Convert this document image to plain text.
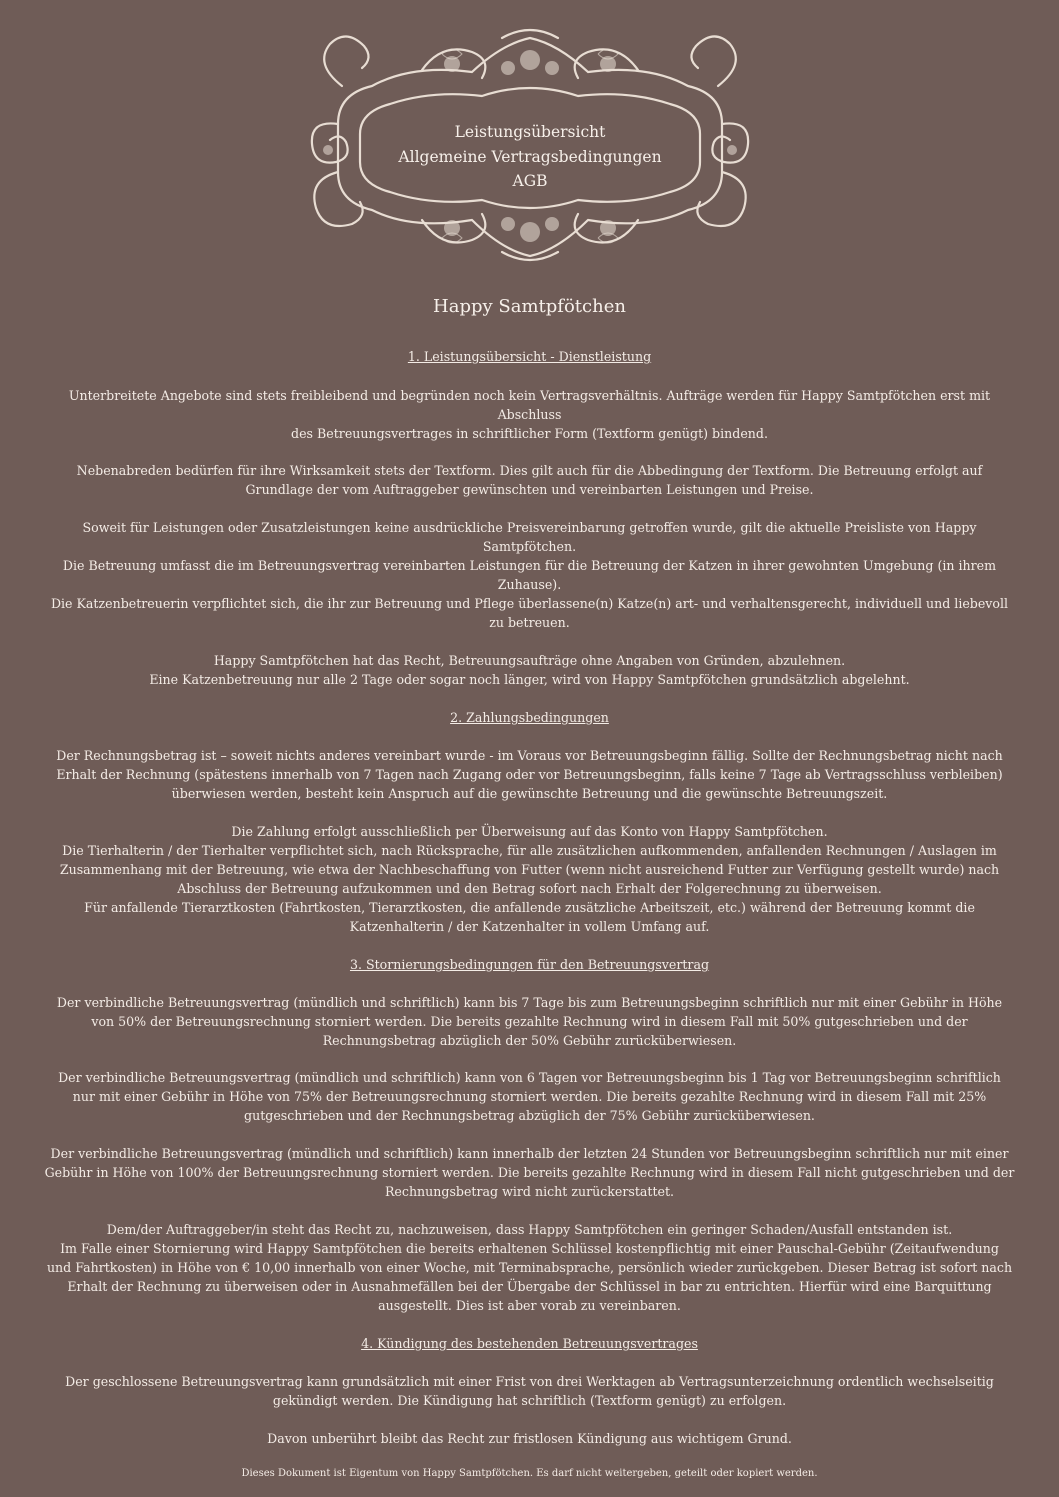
Leistungsübersicht
Allgemeine Vertragsbedingungen
AGB
Happy Samtpfötchen
1. Leistungsübersicht - Dienstleistung
Unterbreitete Angebote sind stets freibleibend und begründen noch kein Vertragsverhältnis. Aufträge werden für Happy Samtpfötchen erst mit
Abschluss
des Betreuungsvertrages in schriftlicher Form (Textform genügt) bindend.
Nebenabreden bedürfen für ihre Wirksamkeit stets der Textform. Dies gilt auch für die Abbedingung der Textform. Die Betreuung erfolgt auf
Grundlage der vom Auftraggeber gewünschten und vereinbarten Leistungen und Preise.
Soweit für Leistungen oder Zusatzleistungen keine ausdrückliche Preisvereinbarung getroffen wurde, gilt die aktuelle Preisliste von Happy
Samtpfötchen.
Die Betreuung umfasst die im Betreuungsvertrag vereinbarten Leistungen für die Betreuung der Katzen in ihrer gewohnten Umgebung (in ihrem
Zuhause).
Die Katzenbetreuerin verpflichtet sich, die ihr zur Betreuung und Pflege überlassene(n) Katze(n) art- und verhaltensgerecht, individuell und liebevoll
zu betreuen.
Happy Samtpfötchen hat das Recht, Betreuungsaufträge ohne Angaben von Gründen, abzulehnen.
Eine Katzenbetreuung nur alle 2 Tage oder sogar noch länger, wird von Happy Samtpfötchen grundsätzlich abgelehnt.
2. Zahlungsbedingungen
Der Rechnungsbetrag ist – soweit nichts anderes vereinbart wurde - im Voraus vor Betreuungsbeginn fällig. Sollte der Rechnungsbetrag nicht nach
Erhalt der Rechnung (spätestens innerhalb von 7 Tagen nach Zugang oder vor Betreuungsbeginn, falls keine 7 Tage ab Vertragsschluss verbleiben)
überwiesen werden, besteht kein Anspruch auf die gewünschte Betreuung und die gewünschte Betreuungszeit.
Die Zahlung erfolgt ausschließlich per Überweisung auf das Konto von Happy Samtpfötchen.
Die Tierhalterin / der Tierhalter verpflichtet sich, nach Rücksprache, für alle zusätzlichen aufkommenden, anfallenden Rechnungen / Auslagen im
Zusammenhang mit der Betreuung, wie etwa der Nachbeschaffung von Futter (wenn nicht ausreichend Futter zur Verfügung gestellt wurde) nach
Abschluss der Betreuung aufzukommen und den Betrag sofort nach Erhalt der Folgerechnung zu überweisen.
Für anfallende Tierarztkosten (Fahrtkosten, Tierarztkosten, die anfallende zusätzliche Arbeitszeit, etc.) während der Betreuung kommt die
Katzenhalterin / der Katzenhalter in vollem Umfang auf.
3. Stornierungsbedingungen für den Betreuungsvertrag
Der verbindliche Betreuungsvertrag (mündlich und schriftlich) kann bis 7 Tage bis zum Betreuungsbeginn schriftlich nur mit einer Gebühr in Höhe
von 50% der Betreuungsrechnung storniert werden. Die bereits gezahlte Rechnung wird in diesem Fall mit 50% gutgeschrieben und der
Rechnungsbetrag abzüglich der 50% Gebühr zurücküberwiesen.
Der verbindliche Betreuungsvertrag (mündlich und schriftlich) kann von 6 Tagen vor Betreuungsbeginn bis 1 Tag vor Betreuungsbeginn schriftlich
nur mit einer Gebühr in Höhe von 75% der Betreuungsrechnung storniert werden. Die bereits gezahlte Rechnung wird in diesem Fall mit 25%
gutgeschrieben und der Rechnungsbetrag abzüglich der 75% Gebühr zurücküberwiesen.
Der verbindliche Betreuungsvertrag (mündlich und schriftlich) kann innerhalb der letzten 24 Stunden vor Betreuungsbeginn schriftlich nur mit einer
Gebühr in Höhe von 100% der Betreuungsrechnung storniert werden. Die bereits gezahlte Rechnung wird in diesem Fall nicht gutgeschrieben und der
Rechnungsbetrag wird nicht zurückerstattet.
Dem/der Auftraggeber/in steht das Recht zu, nachzuweisen, dass Happy Samtpfötchen ein geringer Schaden/Ausfall entstanden ist.
Im Falle einer Stornierung wird Happy Samtpfötchen die bereits erhaltenen Schlüssel kostenpflichtig mit einer Pauschal-Gebühr (Zeitaufwendung
und Fahrtkosten) in Höhe von € 10,00 innerhalb von einer Woche, mit Terminabsprache, persönlich wieder zurückgeben. Dieser Betrag ist sofort nach
Erhalt der Rechnung zu überweisen oder in Ausnahmefällen bei der Übergabe der Schlüssel in bar zu entrichten. Hierfür wird eine Barquittung
ausgestellt. Dies ist aber vorab zu vereinbaren.
4. Kündigung des bestehenden Betreuungsvertrages
Der geschlossene Betreuungsvertrag kann grundsätzlich mit einer Frist von drei Werktagen ab Vertragsunterzeichnung ordentlich wechselseitig
gekündigt werden. Die Kündigung hat schriftlich (Textform genügt) zu erfolgen.
Davon unberührt bleibt das Recht zur fristlosen Kündigung aus wichtigem Grund.
Dieses Dokument ist Eigentum von Happy Samtpfötchen. Es darf nicht weitergeben, geteilt oder kopiert werden.
